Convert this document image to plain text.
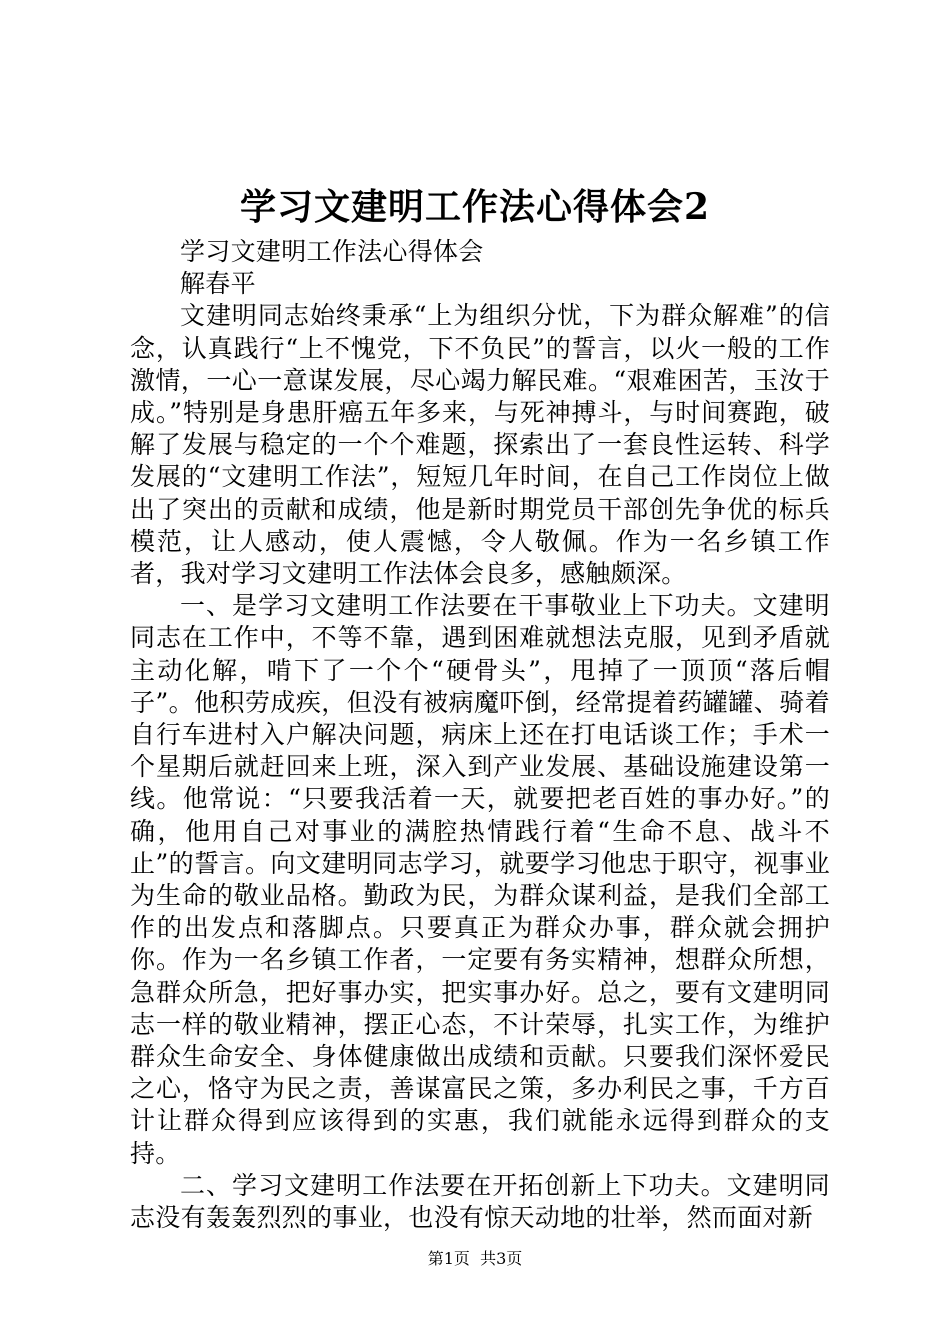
学习文建明工作法心得体会2

学习文建明工作法心得体会

解春平

文建明同志始终秉承“上为组织分忧，下为群众解难”的信念，认真践行“上不愧党，下不负民”的誓言，以火一般的工作激情，一心一意谋发展，尽心竭力解民难。“艰难困苦，玉汝于成。”特别是身患肝癌五年多来，与死神搏斗，与时间赛跑，破解了发展与稳定的一个个难题，探索出了一套良性运转、科学发展的“文建明工作法”，短短几年时间，在自己工作岗位上做出了突出的贡献和成绩，他是新时期党员干部创先争优的标兵模范，让人感动，使人震憾，令人敬佩。作为一名乡镇工作者，我对学习文建明工作法体会良多，感触颇深。

一、是学习文建明工作法要在干事敬业上下功夫。文建明同志在工作中，不等不靠，遇到困难就想法克服，见到矛盾就主动化解，啃下了一个个“硬骨头”，甩掉了一顶顶“落后帽子”。他积劳成疾，但没有被病魔吓倒，经常提着药罐罐、骑着自行车进村入户解决问题，病床上还在打电话谈工作；手术一个星期后就赶回来上班，深入到产业发展、基础设施建设第一线。他常说：“只要我活着一天，就要把老百姓的事办好。”的确，他用自己对事业的满腔热情践行着“生命不息、战斗不止”的誓言。向文建明同志学习，就要学习他忠于职守，视事业为生命的敬业品格。勤政为民，为群众谋利益，是我们全部工作的出发点和落脚点。只要真正为群众办事，群众就会拥护你。作为一名乡镇工作者，一定要有务实精神，想群众所想，急群众所急，把好事办实，把实事办好。总之，要有文建明同志一样的敬业精神，摆正心态，不计荣辱，扎实工作，为维护群众生命安全、身体健康做出成绩和贡献。只要我们深怀爱民之心，恪守为民之责，善谋富民之策，多办利民之事，千方百计让群众得到应该得到的实惠，我们就能永远得到群众的支持。

二、学习文建明工作法要在开拓创新上下功夫。文建明同志没有轰轰烈烈的事业，也没有惊天动地的壮举，然而面对新

第1页 共3页
